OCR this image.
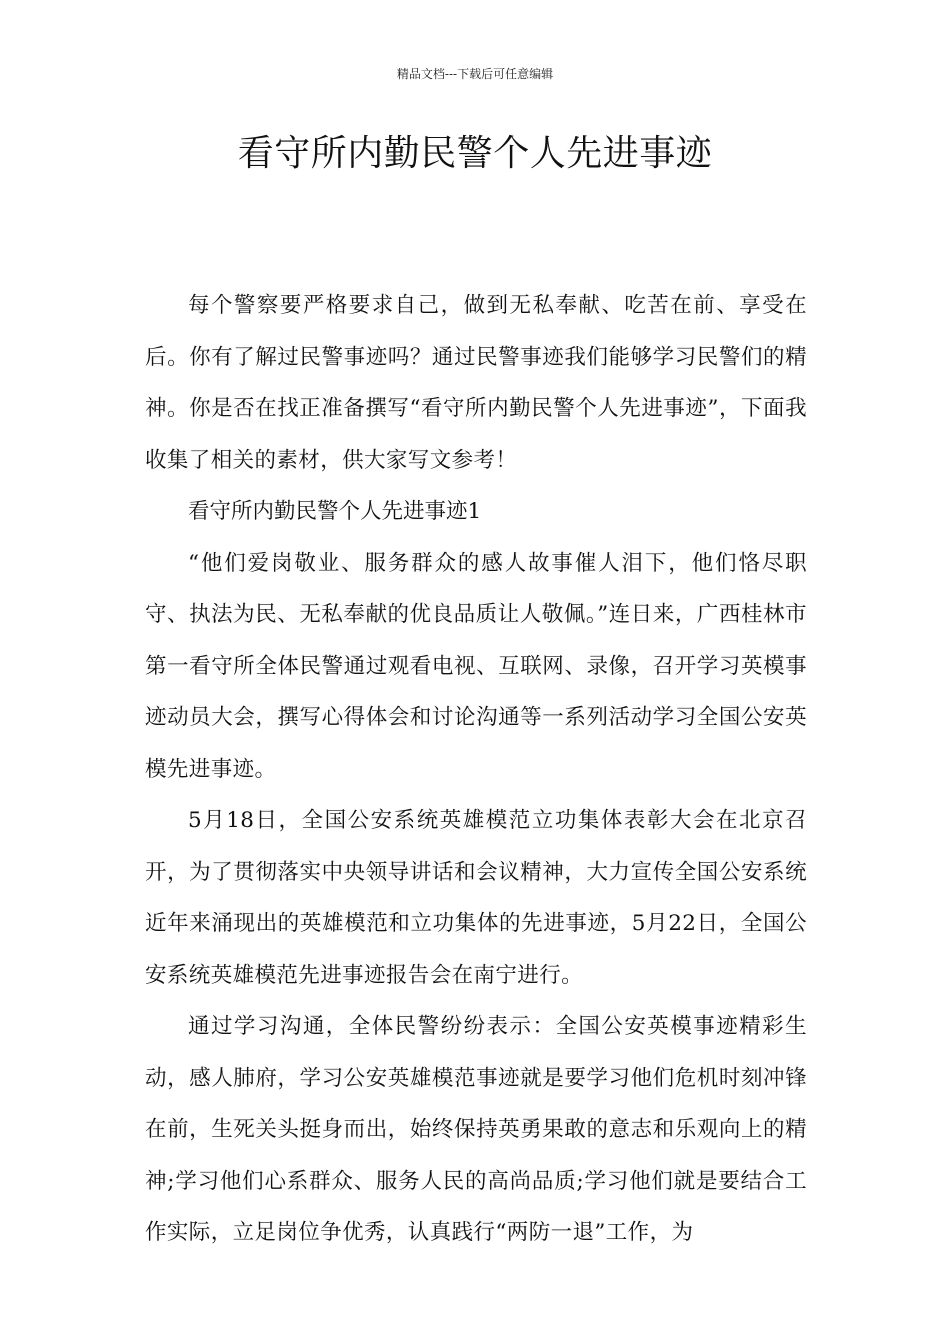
精品文档---下载后可任意编辑
看守所内勤民警个人先进事迹

每个警察要严格要求自己，做到无私奉献、吃苦在前、享受在后。你有了解过民警事迹吗？通过民警事迹我们能够学习民警们的精神。你是否在找正准备撰写“看守所内勤民警个人先进事迹”，下面我收集了相关的素材，供大家写文参考！

看守所内勤民警个人先进事迹1

“他们爱岗敬业、服务群众的感人故事催人泪下，他们恪尽职守、执法为民、无私奉献的优良品质让人敬佩。”连日来，广西桂林市第一看守所全体民警通过观看电视、互联网、录像，召开学习英模事迹动员大会，撰写心得体会和讨论沟通等一系列活动学习全国公安英模先进事迹。

5月18日，全国公安系统英雄模范立功集体表彰大会在北京召开，为了贯彻落实中央领导讲话和会议精神，大力宣传全国公安系统近年来涌现出的英雄模范和立功集体的先进事迹，5月22日，全国公安系统英雄模范先进事迹报告会在南宁进行。

通过学习沟通，全体民警纷纷表示：全国公安英模事迹精彩生动，感人肺府，学习公安英雄模范事迹就是要学习他们危机时刻冲锋在前，生死关头挺身而出，始终保持英勇果敢的意志和乐观向上的精神;学习他们心系群众、服务人民的高尚品质;学习他们就是要结合工作实际，立足岗位争优秀，认真践行“两防一退”工作，为
